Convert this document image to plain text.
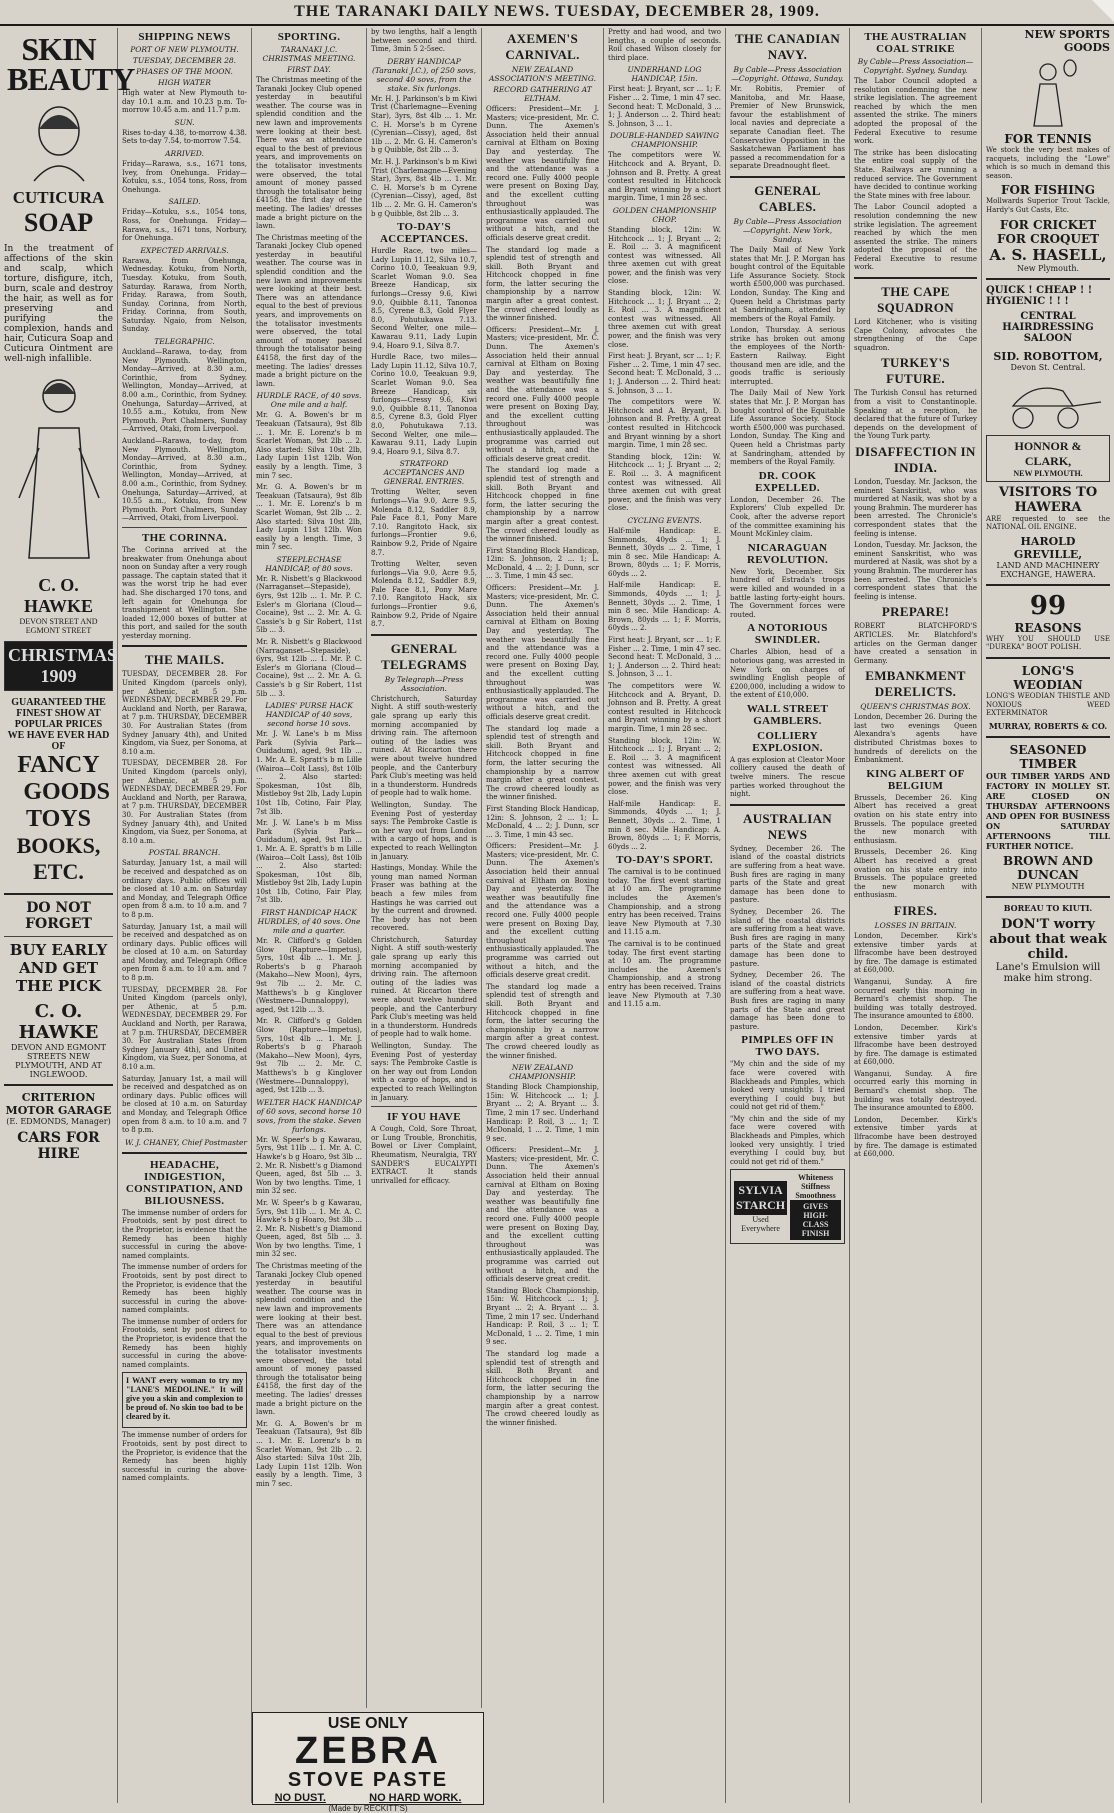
THE TARANAKI DAILY NEWS. TUESDAY, DECEMBER 28, 1909.
SKIN BEAUTY
CUTICURA
SOAP

In the treatment of affections of the skin and scalp, which torture, disfigure, itch, burn, scale and destroy the hair, as well as for preserving and purifying the complexion, hands and hair, Cuticura Soap and Cuticura Ointment are well-nigh infallible.

C. O. HAWKE
DEVON STREET AND
EGMONT STREET
CHRISTMAS 1909
GUARANTEED THE FINEST SHOW AT POPULAR PRICES WE HAVE EVER HAD OF
FANCY
GOODS
TOYS
BOOKS, ETC.
DO NOT FORGET
BUY EARLY AND GET THE PICK
C. O. HAWKE
DEVON AND EGMONT STREETS NEW PLYMOUTH, AND AT INGLEWOOD.
CRITERION MOTOR GARAGE
(E. EDMONDS, Manager)
CARS FOR HIRE
SHIPPING NEWS
PORT OF NEW PLYMOUTH.
TUESDAY, DECEMBER 28.
PHASES OF THE MOON.
HIGH WATER

High water at New Plymouth to-day 10.1 a.m. and 10.23 p.m. To-morrow 10.45 a.m. and 11.7 p.m.

SUN.

Rises to-day 4.38, to-morrow 4.38. Sets to-day 7.54, to-morrow 7.54.

ARRIVED.

Friday—Rarawa, s.s., 1671 tons, Ivey, from Onehunga. Friday—Kotuku, s.s., 1054 tons, Ross, from Onehunga.

SAILED.

Friday—Kotuku, s.s., 1054 tons, Ross, for Onehunga. Friday—Rarawa, s.s., 1671 tons, Norbury, for Onehunga.

EXPECTED ARRIVALS.

Rarawa, from Onehunga, Wednesday. Kotuku, from North, Tuesday. Kotuku, from South, Saturday. Rarawa, from North, Friday. Rarawa, from South, Sunday. Corinna, from North, Friday. Corinna, from South, Saturday. Ngaio, from Nelson, Sunday.

TELEGRAPHIC.

Auckland—Rarawa, to-day, from New Plymouth. Wellington, Monday—Arrived, at 8.30 a.m., Corinthic, from Sydney. Wellington, Monday—Arrived, at 8.00 a.m., Corinthic, from Sydney. Onehunga, Saturday—Arrived, at 10.55 a.m., Kotuku, from New Plymouth. Port Chalmers, Sunday—Arrived, Otaki, from Liverpool.

Auckland—Rarawa, to-day, from New Plymouth. Wellington, Monday—Arrived, at 8.30 a.m., Corinthic, from Sydney. Wellington, Monday—Arrived, at 8.00 a.m., Corinthic, from Sydney. Onehunga, Saturday—Arrived, at 10.55 a.m., Kotuku, from New Plymouth. Port Chalmers, Sunday—Arrived, Otaki, from Liverpool.

THE CORINNA.

The Corinna arrived at the breakwater from Onehunga about noon on Sunday after a very rough passage. The captain stated that it was the worst trip he had ever had. She discharged 170 tons, and left again for Onehunga for transhipment at Wellington. She loaded 12,000 boxes of butter at this port, and sailed for the south yesterday morning.

THE MAILS.

TUESDAY, DECEMBER 28. For United Kingdom (parcels only), per Athenic, at 5 p.m. WEDNESDAY, DECEMBER 29. For Auckland and North, per Rarawa, at 7 p.m. THURSDAY, DECEMBER 30. For Australian States (from Sydney January 4th), and United Kingdom, via Suez, per Sonoma, at 8.10 a.m.

TUESDAY, DECEMBER 28. For United Kingdom (parcels only), per Athenic, at 5 p.m. WEDNESDAY, DECEMBER 29. For Auckland and North, per Rarawa, at 7 p.m. THURSDAY, DECEMBER 30. For Australian States (from Sydney January 4th), and United Kingdom, via Suez, per Sonoma, at 8.10 a.m.

POSTAL BRANCH.

Saturday, January 1st, a mail will be received and despatched as on ordinary days. Public offices will be closed at 10 a.m. on Saturday and Monday, and Telegraph Office open from 8 a.m. to 10 a.m. and 7 to 8 p.m.

Saturday, January 1st, a mail will be received and despatched as on ordinary days. Public offices will be closed at 10 a.m. on Saturday and Monday, and Telegraph Office open from 8 a.m. to 10 a.m. and 7 to 8 p.m.

TUESDAY, DECEMBER 28. For United Kingdom (parcels only), per Athenic, at 5 p.m. WEDNESDAY, DECEMBER 29. For Auckland and North, per Rarawa, at 7 p.m. THURSDAY, DECEMBER 30. For Australian States (from Sydney January 4th), and United Kingdom, via Suez, per Sonoma, at 8.10 a.m.

Saturday, January 1st, a mail will be received and despatched as on ordinary days. Public offices will be closed at 10 a.m. on Saturday and Monday, and Telegraph Office open from 8 a.m. to 10 a.m. and 7 to 8 p.m.

W. J. CHANEY, Chief Postmaster
HEADACHE, INDIGESTION, CONSTIPATION, AND BILIOUSNESS.

The immense number of orders for Frootoids, sent by post direct to the Proprietor, is evidence that the Remedy has been highly successful in curing the above-named complaints.

The immense number of orders for Frootoids, sent by post direct to the Proprietor, is evidence that the Remedy has been highly successful in curing the above-named complaints.

The immense number of orders for Frootoids, sent by post direct to the Proprietor, is evidence that the Remedy has been highly successful in curing the above-named complaints.

I WANT every woman to try my "LANE'S MEDOLINE." It will give you a skin and complexion to be proud of. No skin too bad to be cleared by it.

The immense number of orders for Frootoids, sent by post direct to the Proprietor, is evidence that the Remedy has been highly successful in curing the above-named complaints.

SPORTING.
TARANAKI J.C. CHRISTMAS MEETING.
FIRST DAY.

The Christmas meeting of the Taranaki Jockey Club opened yesterday in beautiful weather. The course was in splendid condition and the new lawn and improvements were looking at their best. There was an attendance equal to the best of previous years, and improvements on the totalisator investments were observed, the total amount of money passed through the totalisator being £4158, the first day of the meeting. The ladies' dresses made a bright picture on the lawn.

The Christmas meeting of the Taranaki Jockey Club opened yesterday in beautiful weather. The course was in splendid condition and the new lawn and improvements were looking at their best. There was an attendance equal to the best of previous years, and improvements on the totalisator investments were observed, the total amount of money passed through the totalisator being £4158, the first day of the meeting. The ladies' dresses made a bright picture on the lawn.

HURDLE RACE, of 40 sovs. One mile and a half.

Mr. G. A. Bowen's br m Teeakuan (Tatsaura), 9st 8lb ... 1. Mr. E. Lorenz's b m Scarlet Woman, 9st 2lb ... 2. Also started: Silva 10st 2lb, Lady Lupin 11st 12lb. Won easily by a length. Time, 3 min 7 sec.

Mr. G. A. Bowen's br m Teeakuan (Tatsaura), 9st 8lb ... 1. Mr. E. Lorenz's b m Scarlet Woman, 9st 2lb ... 2. Also started: Silva 10st 2lb, Lady Lupin 11st 12lb. Won easily by a length. Time, 3 min 7 sec.

STEEPLECHASE HANDICAP, of 80 sovs.

Mr. R. Nisbett's g Blackwood (Narraganset—Stepaside), 6yrs, 9st 12lb ... 1. Mr. P. C. Esler's m Gloriana (Cloud—Cocaine), 9st ... 2. Mr. A. G. Cassie's b g Sir Robert, 11st 5lb ... 3.

Mr. R. Nisbett's g Blackwood (Narraganset—Stepaside), 6yrs, 9st 12lb ... 1. Mr. P. C. Esler's m Gloriana (Cloud—Cocaine), 9st ... 2. Mr. A. G. Cassie's b g Sir Robert, 11st 5lb ... 3.

LADIES' PURSE HACK HANDICAP of 40 sovs, second horse 10 sovs.

Mr. J. W. Lane's b m Miss Park (Sylvia Park—Ouidadum), aged, 9st 1lb ... 1. Mr. A. E. Spratt's b m Lille (Wairoa—Colt Lass), 8st 10lb ... 2. Also started: Spokesman, 10st 8lb, Mistleboy 9st 2lb, Lady Lupin 10st 1lb, Cotino, Fair Play, 7st 3lb.

Mr. J. W. Lane's b m Miss Park (Sylvia Park—Ouidadum), aged, 9st 1lb ... 1. Mr. A. E. Spratt's b m Lille (Wairoa—Colt Lass), 8st 10lb ... 2. Also started: Spokesman, 10st 8lb, Mistleboy 9st 2lb, Lady Lupin 10st 1lb, Cotino, Fair Play, 7st 3lb.

FIRST HANDICAP HACK HURDLES, of 40 sovs. One mile and a quarter.

Mr. R. Clifford's g Golden Glow (Rapture—Impetus), 5yrs, 10st 4lb ... 1. Mr. J. Roberts's b g Pharaoh (Makaho—New Moon), 4yrs, 9st 7lb ... 2. Mr. C. Matthews's b g Kinglover (Westmere—Dunnaloppy), aged, 9st 12lb ... 3.

Mr. R. Clifford's g Golden Glow (Rapture—Impetus), 5yrs, 10st 4lb ... 1. Mr. J. Roberts's b g Pharaoh (Makaho—New Moon), 4yrs, 9st 7lb ... 2. Mr. C. Matthews's b g Kinglover (Westmere—Dunnaloppy), aged, 9st 12lb ... 3.

WELTER HACK HANDICAP of 60 sovs, second horse 10 sovs, from the stake. Seven furlongs.

Mr. W. Speer's b g Kawarau, 5yrs, 9st 11lb ... 1. Mr. A. C. Hawke's b g Hoaro, 9st 3lb ... 2. Mr. R. Nisbett's g Diamond Queen, aged, 8st 5lb ... 3. Won by two lengths. Time, 1 min 32 sec.

Mr. W. Speer's b g Kawarau, 5yrs, 9st 11lb ... 1. Mr. A. C. Hawke's b g Hoaro, 9st 3lb ... 2. Mr. R. Nisbett's g Diamond Queen, aged, 8st 5lb ... 3. Won by two lengths. Time, 1 min 32 sec.

The Christmas meeting of the Taranaki Jockey Club opened yesterday in beautiful weather. The course was in splendid condition and the new lawn and improvements were looking at their best. There was an attendance equal to the best of previous years, and improvements on the totalisator investments were observed, the total amount of money passed through the totalisator being £4158, the first day of the meeting. The ladies' dresses made a bright picture on the lawn.

Mr. G. A. Bowen's br m Teeakuan (Tatsaura), 9st 8lb ... 1. Mr. E. Lorenz's b m Scarlet Woman, 9st 2lb ... 2. Also started: Silva 10st 2lb, Lady Lupin 11st 12lb. Won easily by a length. Time, 3 min 7 sec.

by two lengths, half a length between second and third. Time, 3min 5 2-5sec.

DERBY HANDICAP (Taranaki J.C.), of 250 sovs, second 40 sovs, from the stake. Six furlongs.

Mr. H. J. Parkinson's b m Kiwi Trist (Charlemagne—Evening Star), 3yrs, 8st 4lb ... 1. Mr. C. H. Morse's b m Cyrene (Cyrenian—Cissy), aged, 8st 1lb ... 2. Mr. G. H. Cameron's b g Quibble, 8st 2lb ... 3.

Mr. H. J. Parkinson's b m Kiwi Trist (Charlemagne—Evening Star), 3yrs, 8st 4lb ... 1. Mr. C. H. Morse's b m Cyrene (Cyrenian—Cissy), aged, 8st 1lb ... 2. Mr. G. H. Cameron's b g Quibble, 8st 2lb ... 3.

TO-DAY'S ACCEPTANCES.

Hurdle Race, two miles—Lady Lupin 11.12, Silva 10.7, Corino 10.0, Teeakuan 9.9, Scarlet Woman 9.0. Sea Breeze Handicap, six furlongs—Cressy 9.6, Kiwi 9.0, Quibble 8.11, Tanonoa 8.5, Cyrene 8.3, Gold Flyer 8.0, Pohutukawa 7.13. Second Welter, one mile—Kawarau 9.11, Lady Lupin 9.4, Hoaro 9.1, Silva 8.7.

Hurdle Race, two miles—Lady Lupin 11.12, Silva 10.7, Corino 10.0, Teeakuan 9.9, Scarlet Woman 9.0. Sea Breeze Handicap, six furlongs—Cressy 9.6, Kiwi 9.0, Quibble 8.11, Tanonoa 8.5, Cyrene 8.3, Gold Flyer 8.0, Pohutukawa 7.13. Second Welter, one mile—Kawarau 9.11, Lady Lupin 9.4, Hoaro 9.1, Silva 8.7.

STRATFORD ACCEPTANCES AND GENERAL ENTRIES.

Trotting Welter, seven furlongs—Via 9.0, Acre 9.5, Molenda 8.12, Saddler 8.9, Pale Face 8.1, Pony Mare 7.10. Rangitoto Hack, six furlongs—Frontier 9.6, Rainbow 9.2, Pride of Ngaire 8.7.

Trotting Welter, seven furlongs—Via 9.0, Acre 9.5, Molenda 8.12, Saddler 8.9, Pale Face 8.1, Pony Mare 7.10. Rangitoto Hack, six furlongs—Frontier 9.6, Rainbow 9.2, Pride of Ngaire 8.7.

GENERAL TELEGRAMS
By Telegraph—Press Association.

Christchurch, Saturday Night. A stiff south-westerly gale sprang up early this morning accompanied by driving rain. The afternoon outing of the ladies was ruined. At Riccarton there were about twelve hundred people, and the Canterbury Park Club's meeting was held in a thunderstorm. Hundreds of people had to walk home.

Wellington, Sunday. The Evening Post of yesterday says: The Pembroke Castle is on her way out from London with a cargo of hops, and is expected to reach Wellington in January.

Hastings, Monday. While the young man named Norman Fraser was bathing at the beach a few miles from Hastings he was carried out by the current and drowned. The body has not been recovered.

Christchurch, Saturday Night. A stiff south-westerly gale sprang up early this morning accompanied by driving rain. The afternoon outing of the ladies was ruined. At Riccarton there were about twelve hundred people, and the Canterbury Park Club's meeting was held in a thunderstorm. Hundreds of people had to walk home.

Wellington, Sunday. The Evening Post of yesterday says: The Pembroke Castle is on her way out from London with a cargo of hops, and is expected to reach Wellington in January.

IF YOU HAVE

A Cough, Cold, Sore Throat, or Lung Trouble, Bronchitis, Bowel or Liver Complaint, Rheumatism, Neuralgia, TRY SANDER'S EUCALYPTI EXTRACT. It stands unrivalled for efficacy.

USE ONLY
ZEBRA
STOVE PASTE
NO DUST.	NO HARD WORK.
(Made by RECKITT'S)
AXEMEN'S CARNIVAL.
NEW ZEALAND ASSOCIATION'S MEETING.
RECORD GATHERING AT ELTHAM.

Officers: President—Mr. J. Masters; vice-president, Mr. C. Dunn. The Axemen's Association held their annual carnival at Eltham on Boxing Day and yesterday. The weather was beautifully fine and the attendance was a record one. Fully 4000 people were present on Boxing Day, and the excellent cutting throughout was enthusiastically applauded. The programme was carried out without a hitch, and the officials deserve great credit.

The standard log made a splendid test of strength and skill. Both Bryant and Hitchcock chopped in fine form, the latter securing the championship by a narrow margin after a great contest. The crowd cheered loudly as the winner finished.

Officers: President—Mr. J. Masters; vice-president, Mr. C. Dunn. The Axemen's Association held their annual carnival at Eltham on Boxing Day and yesterday. The weather was beautifully fine and the attendance was a record one. Fully 4000 people were present on Boxing Day, and the excellent cutting throughout was enthusiastically applauded. The programme was carried out without a hitch, and the officials deserve great credit.

The standard log made a splendid test of strength and skill. Both Bryant and Hitchcock chopped in fine form, the latter securing the championship by a narrow margin after a great contest. The crowd cheered loudly as the winner finished.

First Standing Block Handicap, 12in: S. Johnson, 2 ... 1; L. McDonald, 4 ... 2; J. Dunn, scr ... 3. Time, 1 min 43 sec.

Officers: President—Mr. J. Masters; vice-president, Mr. C. Dunn. The Axemen's Association held their annual carnival at Eltham on Boxing Day and yesterday. The weather was beautifully fine and the attendance was a record one. Fully 4000 people were present on Boxing Day, and the excellent cutting throughout was enthusiastically applauded. The programme was carried out without a hitch, and the officials deserve great credit.

The standard log made a splendid test of strength and skill. Both Bryant and Hitchcock chopped in fine form, the latter securing the championship by a narrow margin after a great contest. The crowd cheered loudly as the winner finished.

First Standing Block Handicap, 12in: S. Johnson, 2 ... 1; L. McDonald, 4 ... 2; J. Dunn, scr ... 3. Time, 1 min 43 sec.

Officers: President—Mr. J. Masters; vice-president, Mr. C. Dunn. The Axemen's Association held their annual carnival at Eltham on Boxing Day and yesterday. The weather was beautifully fine and the attendance was a record one. Fully 4000 people were present on Boxing Day, and the excellent cutting throughout was enthusiastically applauded. The programme was carried out without a hitch, and the officials deserve great credit.

The standard log made a splendid test of strength and skill. Both Bryant and Hitchcock chopped in fine form, the latter securing the championship by a narrow margin after a great contest. The crowd cheered loudly as the winner finished.

NEW ZEALAND CHAMPIONSHIP.

Standing Block Championship, 15in: W. Hitchcock ... 1; J. Bryant ... 2; A. Bryant ... 3. Time, 2 min 17 sec. Underhand Handicap: P. Roil, 3 ... 1; T. McDonald, 1 ... 2. Time, 1 min 9 sec.

Officers: President—Mr. J. Masters; vice-president, Mr. C. Dunn. The Axemen's Association held their annual carnival at Eltham on Boxing Day and yesterday. The weather was beautifully fine and the attendance was a record one. Fully 4000 people were present on Boxing Day, and the excellent cutting throughout was enthusiastically applauded. The programme was carried out without a hitch, and the officials deserve great credit.

Standing Block Championship, 15in: W. Hitchcock ... 1; J. Bryant ... 2; A. Bryant ... 3. Time, 2 min 17 sec. Underhand Handicap: P. Roil, 3 ... 1; T. McDonald, 1 ... 2. Time, 1 min 9 sec.

The standard log made a splendid test of strength and skill. Both Bryant and Hitchcock chopped in fine form, the latter securing the championship by a narrow margin after a great contest. The crowd cheered loudly as the winner finished.

Pretty and had wood, and two lengths, a couple of seconds. Roil chased Wilson closely for third place.

UNDERHAND LOG HANDICAP, 15in.

First heat: J. Bryant, scr ... 1; F. Fisher ... 2. Time, 1 min 47 sec. Second heat: T. McDonald, 3 ... 1; J. Anderson ... 2. Third heat: S. Johnson, 3 ... 1.

DOUBLE-HANDED SAWING CHAMPIONSHIP.

The competitors were W. Hitchcock and A. Bryant, D. Johnson and B. Pretty. A great contest resulted in Hitchcock and Bryant winning by a short margin. Time, 1 min 28 sec.

GOLDEN CHAMPIONSHIP CHOP.

Standing block, 12in: W. Hitchcock ... 1; J. Bryant ... 2; E. Roil ... 3. A magnificent contest was witnessed. All three axemen cut with great power, and the finish was very close.

Standing block, 12in: W. Hitchcock ... 1; J. Bryant ... 2; E. Roil ... 3. A magnificent contest was witnessed. All three axemen cut with great power, and the finish was very close.

First heat: J. Bryant, scr ... 1; F. Fisher ... 2. Time, 1 min 47 sec. Second heat: T. McDonald, 3 ... 1; J. Anderson ... 2. Third heat: S. Johnson, 3 ... 1.

The competitors were W. Hitchcock and A. Bryant, D. Johnson and B. Pretty. A great contest resulted in Hitchcock and Bryant winning by a short margin. Time, 1 min 28 sec.

Standing block, 12in: W. Hitchcock ... 1; J. Bryant ... 2; E. Roil ... 3. A magnificent contest was witnessed. All three axemen cut with great power, and the finish was very close.

CYCLING EVENTS.

Half-mile Handicap: E. Simmonds, 40yds ... 1; J. Bennett, 30yds ... 2. Time, 1 min 8 sec. Mile Handicap: A. Brown, 80yds ... 1; F. Morris, 60yds ... 2.

Half-mile Handicap: E. Simmonds, 40yds ... 1; J. Bennett, 30yds ... 2. Time, 1 min 8 sec. Mile Handicap: A. Brown, 80yds ... 1; F. Morris, 60yds ... 2.

First heat: J. Bryant, scr ... 1; F. Fisher ... 2. Time, 1 min 47 sec. Second heat: T. McDonald, 3 ... 1; J. Anderson ... 2. Third heat: S. Johnson, 3 ... 1.

The competitors were W. Hitchcock and A. Bryant, D. Johnson and B. Pretty. A great contest resulted in Hitchcock and Bryant winning by a short margin. Time, 1 min 28 sec.

Standing block, 12in: W. Hitchcock ... 1; J. Bryant ... 2; E. Roil ... 3. A magnificent contest was witnessed. All three axemen cut with great power, and the finish was very close.

Half-mile Handicap: E. Simmonds, 40yds ... 1; J. Bennett, 30yds ... 2. Time, 1 min 8 sec. Mile Handicap: A. Brown, 80yds ... 1; F. Morris, 60yds ... 2.

TO-DAY'S SPORT.

The carnival is to be continued today. The first event starting at 10 am. The programme includes the Axemen's Championship, and a strong entry has been received. Trains leave New Plymouth at 7.30 and 11.15 a.m.

The carnival is to be continued today. The first event starting at 10 am. The programme includes the Axemen's Championship, and a strong entry has been received. Trains leave New Plymouth at 7.30 and 11.15 a.m.

THE CANADIAN NAVY.
By Cable—Press Association—Copyright. Ottawa, Sunday.

Mr. Robitis, Premier of Manitoba, and Mr. Haase, Premier of New Brunswick, favour the establishment of local navies and depreciate a separate Canadian fleet. The Conservative Opposition in the Saskatchewan Parliament has passed a recommendation for a separate Dreadnought fleet.

GENERAL CABLES.
By Cable—Press Association—Copyright. New York, Sunday.

The Daily Mail of New York states that Mr. J. P. Morgan has bought control of the Equitable Life Assurance Society. Stock worth £500,000 was purchased. London, Sunday. The King and Queen held a Christmas party at Sandringham, attended by members of the Royal Family.

London, Thursday. A serious strike has broken out among the employees of the North-Eastern Railway. Eight thousand men are idle, and the goods traffic is seriously interrupted.

The Daily Mail of New York states that Mr. J. P. Morgan has bought control of the Equitable Life Assurance Society. Stock worth £500,000 was purchased. London, Sunday. The King and Queen held a Christmas party at Sandringham, attended by members of the Royal Family.

DR. COOK EXPELLED.

London, December 26. The Explorers' Club expelled Dr. Cook, after the adverse report of the committee examining his Mount McKinley claim.

NICARAGUAN REVOLUTION.

New York, December. Six hundred of Estrada's troops were killed and wounded in a battle lasting forty-eight hours. The Government forces were routed.

A NOTORIOUS SWINDLER.

Charles Albion, head of a notorious gang, was arrested in New York on charges of swindling English people of £200,000, including a widow to the extent of £10,000.

WALL STREET GAMBLERS.
COLLIERY EXPLOSION.

A gas explosion at Cleator Moor colliery caused the death of twelve miners. The rescue parties worked throughout the night.

AUSTRALIAN NEWS

Sydney, December 26. The island of the coastal districts are suffering from a heat wave. Bush fires are raging in many parts of the State and great damage has been done to pasture.

Sydney, December 26. The island of the coastal districts are suffering from a heat wave. Bush fires are raging in many parts of the State and great damage has been done to pasture.

Sydney, December 26. The island of the coastal districts are suffering from a heat wave. Bush fires are raging in many parts of the State and great damage has been done to pasture.

PIMPLES OFF IN TWO DAYS.

"My chin and the side of my face were covered with Blackheads and Pimples, which looked very unsightly. I tried everything I could buy, but could not get rid of them."

"My chin and the side of my face were covered with Blackheads and Pimples, which looked very unsightly. I tried everything I could buy, but could not get rid of them."

SYLVIA STARCH
Used Everywhere
Whiteness Stiffness Smoothness
GIVES HIGH-CLASS FINISH
THE AUSTRALIAN COAL STRIKE
By Cable—Press Association—Copyright. Sydney, Sunday.

The Labor Council adopted a resolution condemning the new strike legislation. The agreement reached by which the men assented the strike. The miners adopted the proposal of the Federal Executive to resume work.

The strike has been dislocating the entire coal supply of the State. Railways are running a reduced service. The Government have decided to continue working the State mines with free labour.

The Labor Council adopted a resolution condemning the new strike legislation. The agreement reached by which the men assented the strike. The miners adopted the proposal of the Federal Executive to resume work.

THE CAPE SQUADRON

Lord Kitchener, who is visiting Cape Colony, advocates the strengthening of the Cape squadron.

TURKEY'S FUTURE.

The Turkish Consul has returned from a visit to Constantinople. Speaking at a reception, he declared that the future of Turkey depends on the development of the Young Turk party.

DISAFFECTION IN INDIA.

London, Tuesday. Mr. Jackson, the eminent Sanskritist, who was murdered at Nasik, was shot by a young Brahmin. The murderer has been arrested. The Chronicle's correspondent states that the feeling is intense.

London, Tuesday. Mr. Jackson, the eminent Sanskritist, who was murdered at Nasik, was shot by a young Brahmin. The murderer has been arrested. The Chronicle's correspondent states that the feeling is intense.

PREPARE!

ROBERT BLATCHFORD'S ARTICLES. Mr. Blatchford's articles on the German danger have created a sensation in Germany.

EMBANKMENT DERELICTS.
QUEEN'S CHRISTMAS BOX.

London, December 26. During the last two evenings Queen Alexandra's agents have distributed Christmas boxes to hundreds of derelicts on the Embankment.

KING ALBERT OF BELGIUM

Brussels, December 26. King Albert has received a great ovation on his state entry into Brussels. The populace greeted the new monarch with enthusiasm.

Brussels, December 26. King Albert has received a great ovation on his state entry into Brussels. The populace greeted the new monarch with enthusiasm.

FIRES.
LOSSES IN BRITAIN.

London, December. Kirk's extensive timber yards at Ilfracombe have been destroyed by fire. The damage is estimated at £60,000.

Wanganui, Sunday. A fire occurred early this morning in Bernard's chemist shop. The building was totally destroyed. The insurance amounted to £800.

London, December. Kirk's extensive timber yards at Ilfracombe have been destroyed by fire. The damage is estimated at £60,000.

Wanganui, Sunday. A fire occurred early this morning in Bernard's chemist shop. The building was totally destroyed. The insurance amounted to £800.

London, December. Kirk's extensive timber yards at Ilfracombe have been destroyed by fire. The damage is estimated at £60,000.

NEW SPORTS GOODS
FOR TENNIS

We stock the very best makes of racquets, including the "Lowe" which is so much in demand this season.

FOR FISHING

Mollwards Superior Trout Tackle, Hardy's Gut Casts, Etc.

FOR CRICKET
FOR CROQUET
A. S. HASELL,
New Plymouth.
QUICK ! CHEAP ! ! HYGIENIC ! ! !
CENTRAL HAIRDRESSING SALOON
SID. ROBOTTOM,
Devon St. Central.
HONNOR & CLARK,
NEW PLYMOUTH.
VISITORS TO HAWERA

ARE requested to see the NATIONAL OIL ENGINE.

HAROLD GREVILLE,
LAND AND MACHINERY EXCHANGE, HAWERA.
99
REASONS

WHY YOU SHOULD USE "DUREKA" BOOT POLISH.

LONG'S WEODIAN

LONG'S WEODIAN THISTLE AND NOXIOUS WEED EXTERMINATOR

MURRAY, ROBERTS & CO.
SEASONED TIMBER

OUR TIMBER YARDS AND FACTORY IN MOLLEY ST. ARE CLOSED ON THURSDAY AFTERNOONS AND OPEN FOR BUSINESS ON SATURDAY AFTERNOONS TILL FURTHER NOTICE.

BROWN AND DUNCAN
NEW PLYMOUTH
BOREAU TO KIUTI.
DON'T worry about that weak child.
Lane's Emulsion will make him strong.
